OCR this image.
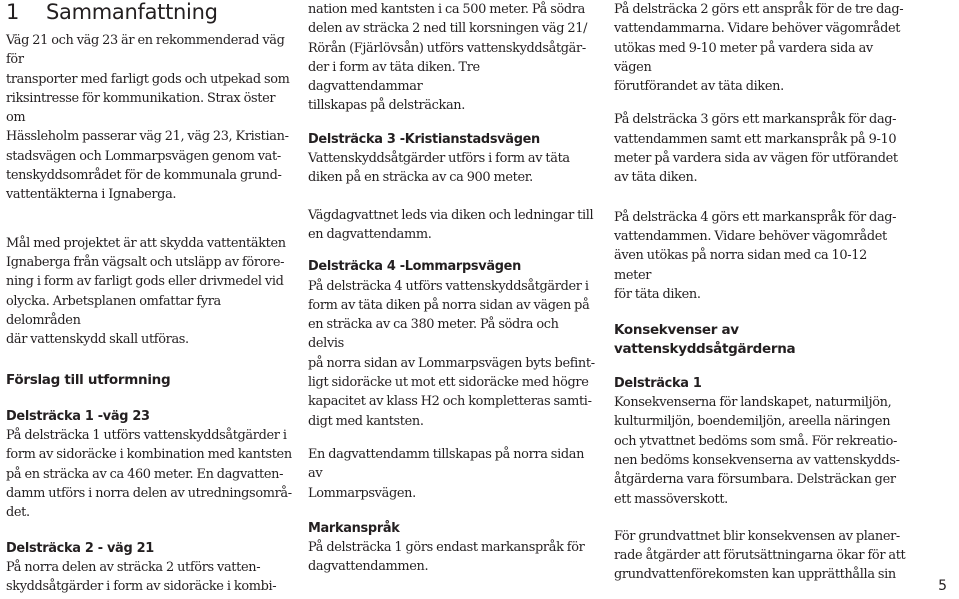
1 Sammanfattning

Väg 21 och väg 23 är en rekommenderad väg för
transporter med farligt gods och utpekad som
riksintresse för kommunikation. Strax öster om
Hässleholm passerar väg 21, väg 23, Kristian-
stadsvägen och Lommarpsvägen genom vat-
tenskyddsområdet för de kommunala grund-
vattentäkterna i Ignaberga.

Mål med projektet är att skydda vattentäkten
Ignaberga från vägsalt och utsläpp av förore-
ning i form av farligt gods eller drivmedel vid
olycka. Arbetsplanen omfattar fyra delområden
där vattenskydd skall utföras.

Förslag till utformning
Delsträcka 1 -väg 23

På delsträcka 1 utförs vattenskyddsåtgärder i
form av sidoräcke i kombination med kantsten
på en sträcka av ca 460 meter. En dagvatten-
damm utförs i norra delen av utredningsområ-
det.

Delsträcka 2 - väg 21

På norra delen av sträcka 2 utförs vatten-
skyddsåtgärder i form av sidoräcke i kombi-

nation med kantsten i ca 500 meter. På södra
delen av sträcka 2 ned till korsningen väg 21/
Rörån (Fjärlövsån) utförs vattenskyddsåtgär-
der i form av täta diken. Tre dagvattendammar
tillskapas på delsträckan.

Delsträcka 3 -Kristianstadsvägen

Vattenskyddsåtgärder utförs i form av täta
diken på en sträcka av ca 900 meter.

Vägdagvattnet leds via diken och ledningar till
en dagvattendamm.

Delsträcka 4 -Lommarpsvägen

På delsträcka 4 utförs vattenskyddsåtgärder i
form av täta diken på norra sidan av vägen på
en sträcka av ca 380 meter. På södra och delvis
på norra sidan av Lommarpsvägen byts befint-
ligt sidoräcke ut mot ett sidoräcke med högre
kapacitet av klass H2 och kompletteras samti-
digt med kantsten.

En dagvattendamm tillskapas på norra sidan av
Lommarpsvägen.

Markanspråk

På delsträcka 1 görs endast markanspråk för
dagvattendammen.

På delsträcka 2 görs ett anspråk för de tre dag-
vattendammarna. Vidare behöver vägområdet
utökas med 9-10 meter på vardera sida av vägen
förutförandet av täta diken.

På delsträcka 3 görs ett markanspråk för dag-
vattendammen samt ett markanspråk på 9-10
meter på vardera sida av vägen för utförandet
av täta diken.

På delsträcka 4 görs ett markanspråk för dag-
vattendammen. Vidare behöver vägområdet
även utökas på norra sidan med ca 10-12 meter
för täta diken.

Konsekvenser av vattenskyddsåtgärderna
Delsträcka 1

Konsekvenserna för landskapet, naturmiljön,
kulturmiljön, boendemiljön, areella näringen
och ytvattnet bedöms som små. För rekreatio-
nen bedöms konsekvenserna av vattenskydds-
åtgärderna vara försumbara. Delsträckan ger
ett massöverskott.

För grundvattnet blir konsekvensen av planer-
rade åtgärder att förutsättningarna ökar för att
grundvattenförekomsten kan upprätthålla sin

5
